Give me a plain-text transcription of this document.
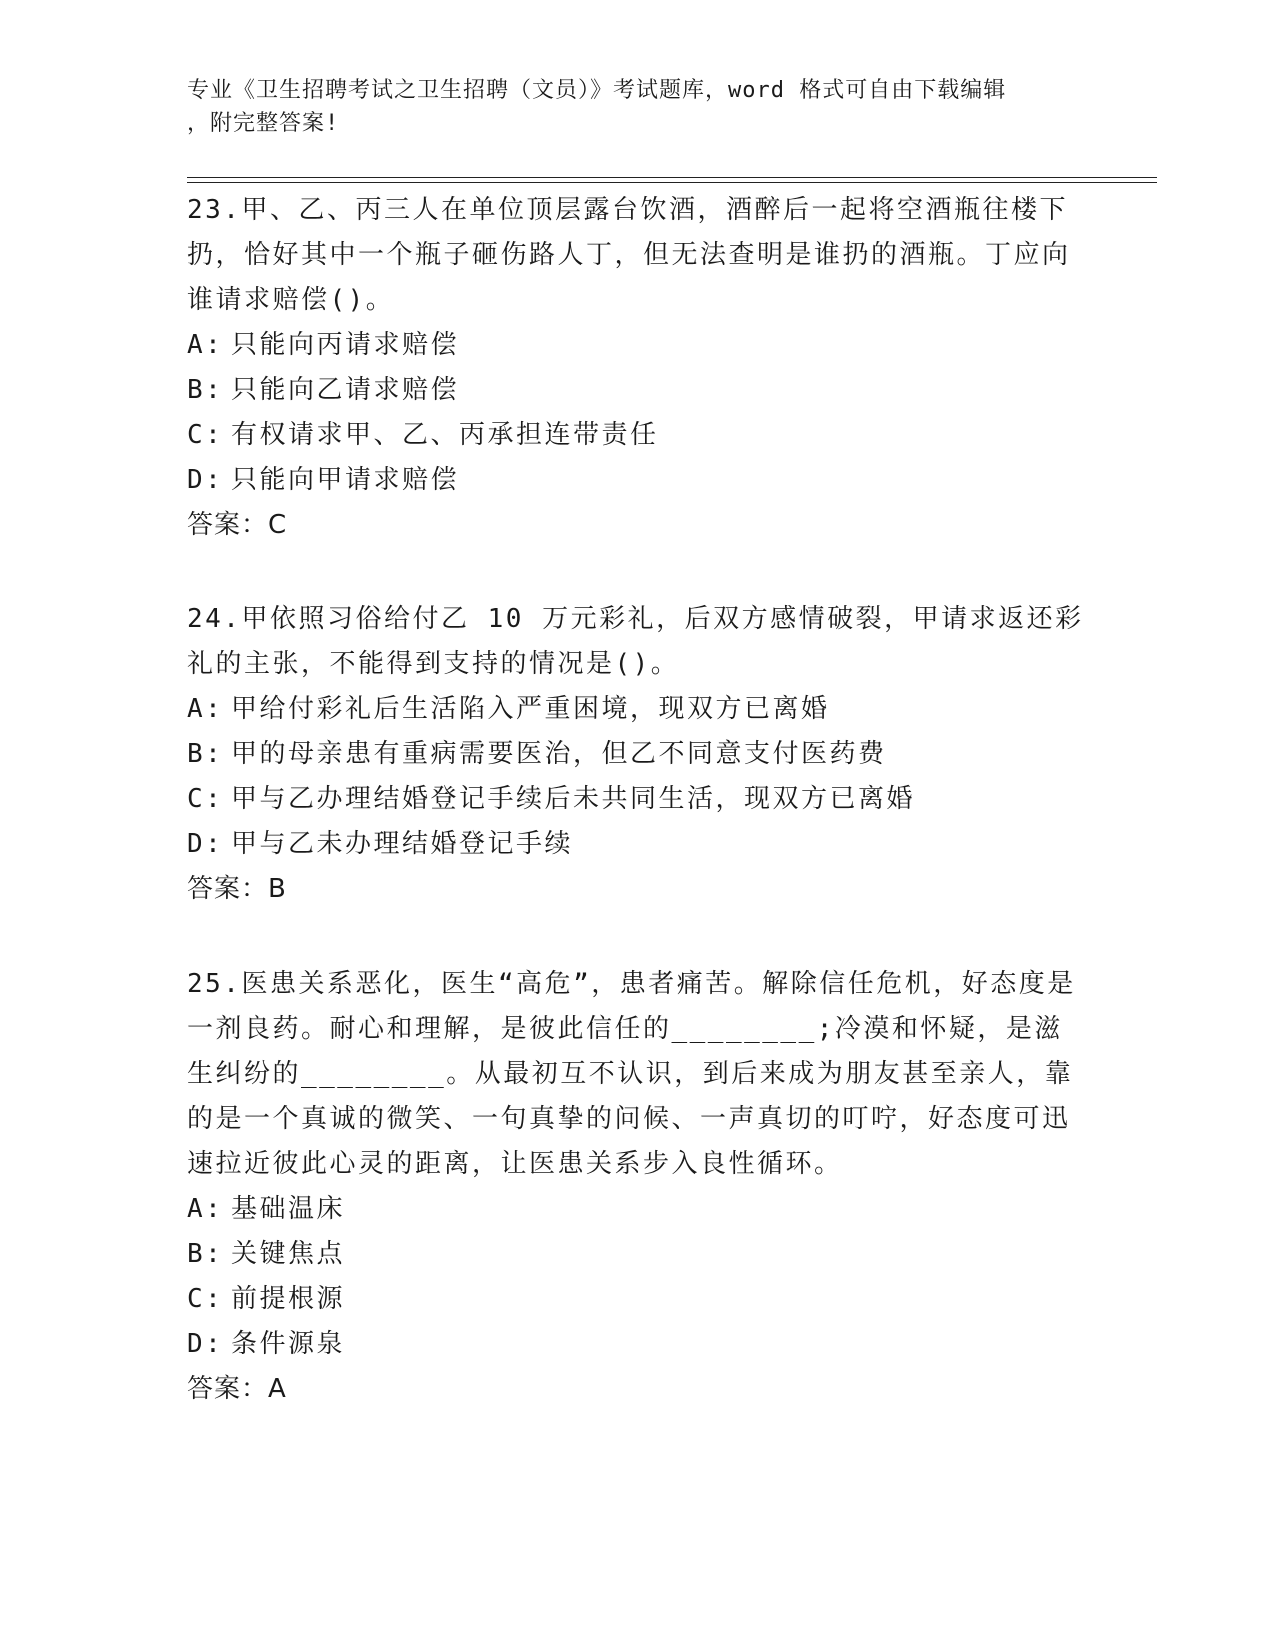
专业《卫生招聘考试之卫生招聘（文员）》考试题库，word 格式可自由下载编辑
，附完整答案!

23.甲、乙、丙三人在单位顶层露台饮酒，酒醉后一起将空酒瓶往楼下扔，恰好其中一个瓶子砸伤路人丁，但无法查明是谁扔的酒瓶。丁应向谁请求赔偿()。

A: 只能向丙请求赔偿

B: 只能向乙请求赔偿

C: 有权请求甲、乙、丙承担连带责任

D: 只能向甲请求赔偿

答案：C

24.甲依照习俗给付乙 10 万元彩礼，后双方感情破裂，甲请求返还彩礼的主张，不能得到支持的情况是()。

A: 甲给付彩礼后生活陷入严重困境，现双方已离婚

B: 甲的母亲患有重病需要医治，但乙不同意支付医药费

C: 甲与乙办理结婚登记手续后未共同生活，现双方已离婚

D: 甲与乙未办理结婚登记手续

答案：B

25.医患关系恶化，医生“高危”，患者痛苦。解除信任危机，好态度是一剂良药。耐心和理解，是彼此信任的________;冷漠和怀疑，是滋生纠纷的________。从最初互不认识，到后来成为朋友甚至亲人，靠的是一个真诚的微笑、一句真挚的问候、一声真切的叮咛，好态度可迅速拉近彼此心灵的距离，让医患关系步入良性循环。

A: 基础温床

B: 关键焦点

C: 前提根源

D: 条件源泉

答案：A
